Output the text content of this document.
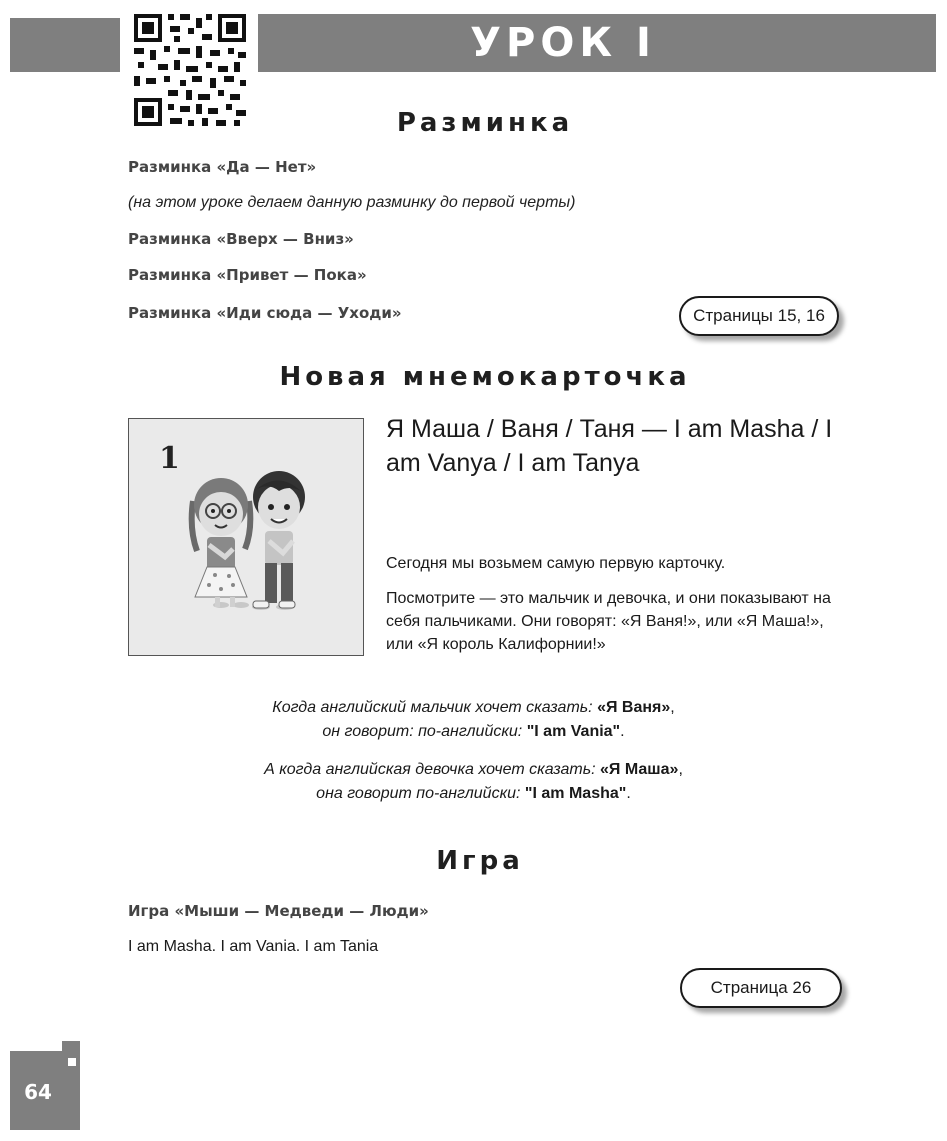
УРОК I
Разминка
Разминка «Да — Нет»
(на этом уроке делаем данную разминку до первой черты)
Разминка «Вверх — Вниз»
Разминка «Привет — Пока»
Разминка «Иди сюда — Уходи»	Страницы 15, 16
Новая мнемокарточка
1
Я Маша / Ваня / Таня — I am Masha / I am Vanya / I am Tanya
Сегодня мы возьмем самую первую карточку.
Посмотрите — это мальчик и девочка, и они показывают на себя пальчиками. Они говорят: «Я Ваня!», или «Я Маша!», или «Я король Калифорнии!»
Когда английский мальчик хочет сказать: «Я Ваня»,
он говорит: по-английски: "I am Vania".
А когда английская девочка хочет сказать: «Я Маша»,
она говорит по-английски: "I am Masha".
Игра
Игра «Мыши — Медведи — Люди»
I am Masha. I am Vania. I am Tania
Страница 26
64
